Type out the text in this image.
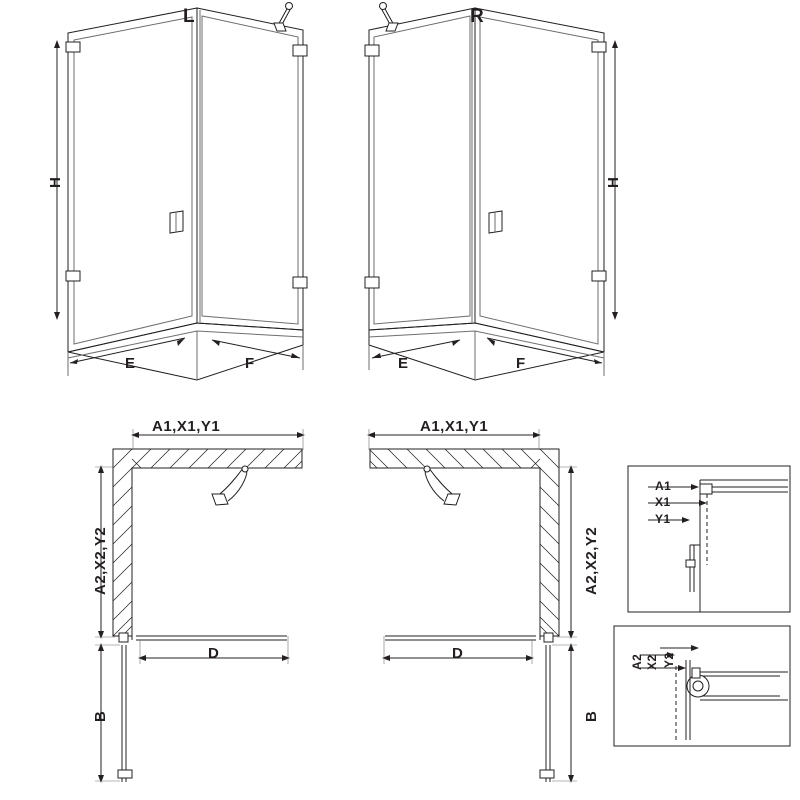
L	R
H	H
E	F	E	F
A1,X1,Y1	A1,X1,Y1
A2,X2,Y2	A2,X2,Y2
D	D
B	B
A1
X1
Y1
A2 X2 Y2
